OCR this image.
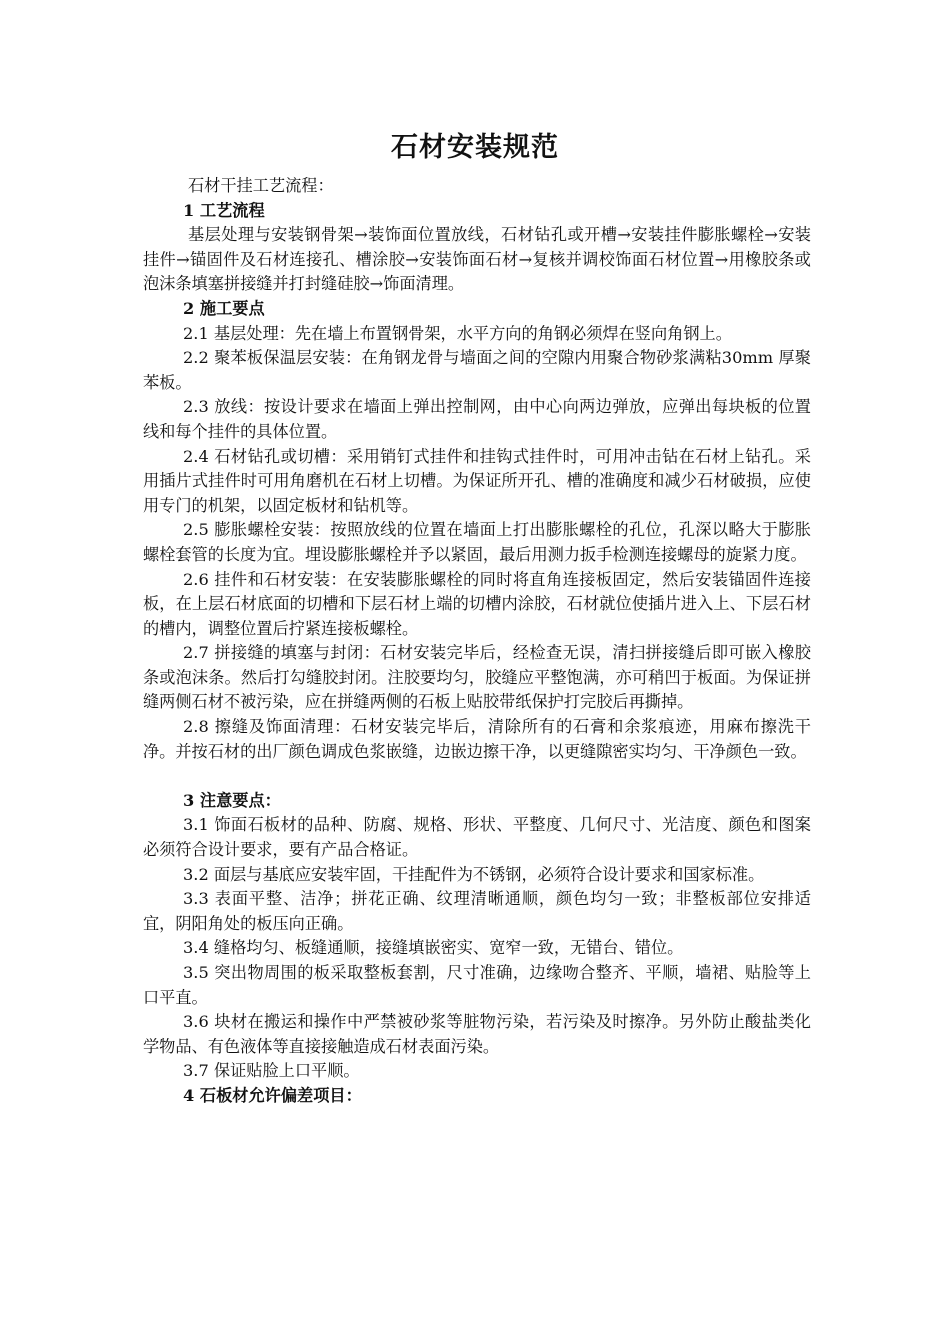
石材安装规范

石材干挂工艺流程：

1 工艺流程

基层处理与安装钢骨架→装饰面位置放线，石材钻孔或开槽→安装挂件膨胀螺栓→安装挂件→锚固件及石材连接孔、槽涂胶→安装饰面石材→复核并调校饰面石材位置→用橡胶条或泡沫条填塞拼接缝并打封缝硅胶→饰面清理。

2 施工要点

2.1 基层处理：先在墙上布置钢骨架，水平方向的角钢必须焊在竖向角钢上。

2.2 聚苯板保温层安装：在角钢龙骨与墙面之间的空隙内用聚合物砂浆满粘30mm 厚聚苯板。

2.3 放线：按设计要求在墙面上弹出控制网，由中心向两边弹放，应弹出每块板的位置线和每个挂件的具体位置。

2.4 石材钻孔或切槽：采用销钉式挂件和挂钩式挂件时，可用冲击钻在石材上钻孔。采用插片式挂件时可用角磨机在石材上切槽。为保证所开孔、槽的准确度和减少石材破损，应使用专门的机架，以固定板材和钻机等。

2.5 膨胀螺栓安装：按照放线的位置在墙面上打出膨胀螺栓的孔位，孔深以略大于膨胀螺栓套管的长度为宜。埋设膨胀螺栓并予以紧固，最后用测力扳手检测连接螺母的旋紧力度。

2.6 挂件和石材安装：在安装膨胀螺栓的同时将直角连接板固定，然后安装锚固件连接板，在上层石材底面的切槽和下层石材上端的切槽内涂胶，石材就位使插片进入上、下层石材的槽内，调整位置后拧紧连接板螺栓。

2.7 拼接缝的填塞与封闭：石材安装完毕后，经检查无误，清扫拼接缝后即可嵌入橡胶条或泡沫条。然后打勾缝胶封闭。注胶要均匀，胶缝应平整饱满，亦可稍凹于板面。为保证拼缝两侧石材不被污染，应在拼缝两侧的石板上贴胶带纸保护打完胶后再撕掉。

2.8 擦缝及饰面清理：石材安装完毕后，清除所有的石膏和余浆痕迹，用麻布擦洗干净。并按石材的出厂颜色调成色浆嵌缝，边嵌边擦干净，以更缝隙密实均匀、干净颜色一致。

3 注意要点：

3.1 饰面石板材的品种、防腐、规格、形状、平整度、几何尺寸、光洁度、颜色和图案必须符合设计要求，要有产品合格证。

3.2 面层与基底应安装牢固，干挂配件为不锈钢，必须符合设计要求和国家标准。

3.3 表面平整、洁净；拼花正确、纹理清晰通顺，颜色均匀一致；非整板部位安排适宜，阴阳角处的板压向正确。

3.4 缝格均匀、板缝通顺，接缝填嵌密实、宽窄一致，无错台、错位。

3.5 突出物周围的板采取整板套割，尺寸准确，边缘吻合整齐、平顺，墙裙、贴脸等上口平直。

3.6 块材在搬运和操作中严禁被砂浆等脏物污染，若污染及时擦净。另外防止酸盐类化学物品、有色液体等直接接触造成石材表面污染。

3.7 保证贴脸上口平顺。

4 石板材允许偏差项目：
